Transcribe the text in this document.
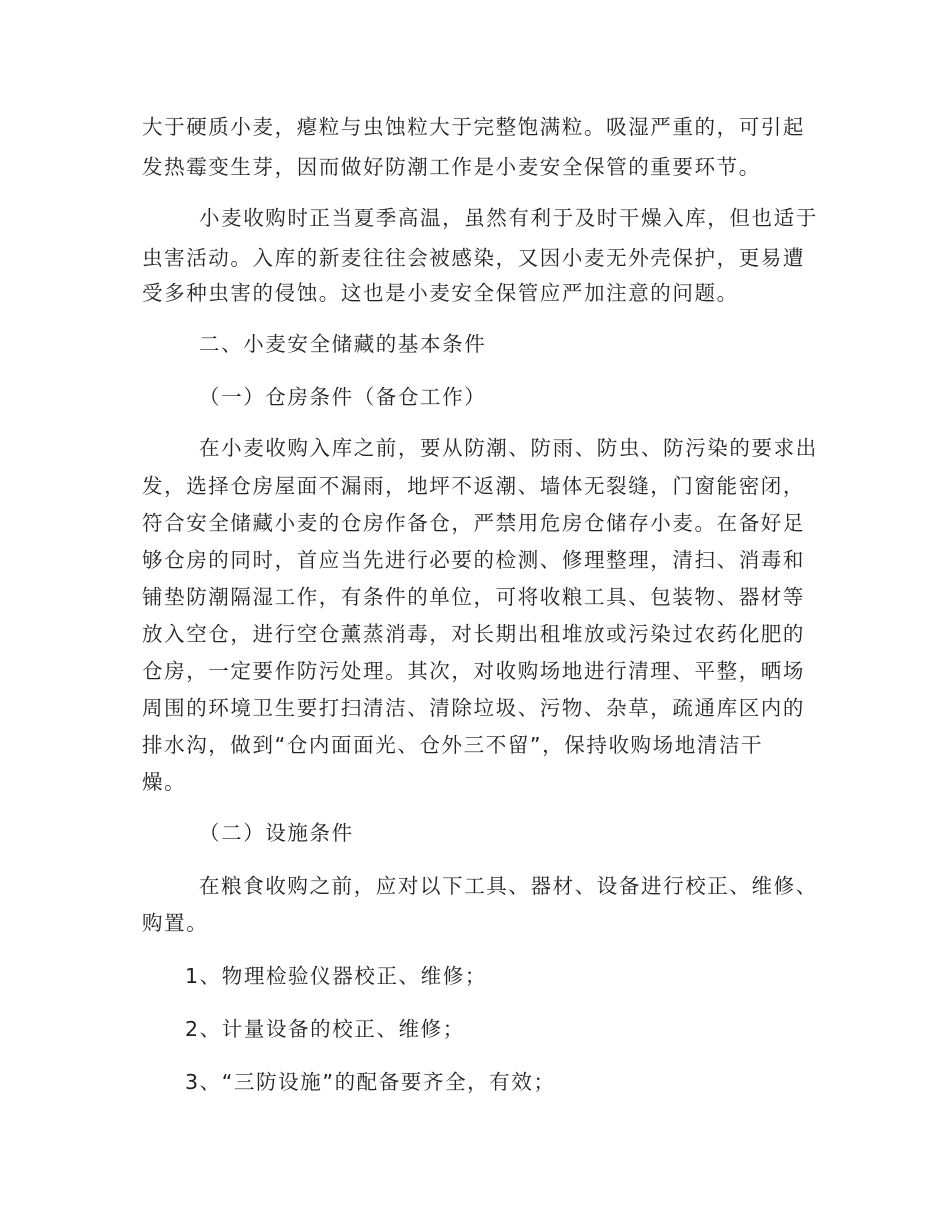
大于硬质小麦，瘪粒与虫蚀粒大于完整饱满粒。吸湿严重的，可引起
发热霉变生芽，因而做好防潮工作是小麦安全保管的重要环节。
小麦收购时正当夏季高温，虽然有利于及时干燥入库，但也适于
虫害活动。入库的新麦往往会被感染，又因小麦无外壳保护，更易遭
受多种虫害的侵蚀。这也是小麦安全保管应严加注意的问题。
二、小麦安全储藏的基本条件
（一）仓房条件（备仓工作）
在小麦收购入库之前，要从防潮、防雨、防虫、防污染的要求出
发，选择仓房屋面不漏雨，地坪不返潮、墙体无裂缝，门窗能密闭，
符合安全储藏小麦的仓房作备仓，严禁用危房仓储存小麦。在备好足
够仓房的同时，首应当先进行必要的检测、修理整理，清扫、消毒和
铺垫防潮隔湿工作，有条件的单位，可将收粮工具、包装物、器材等
放入空仓，进行空仓薰蒸消毒，对长期出租堆放或污染过农药化肥的
仓房，一定要作防污处理。其次，对收购场地进行清理、平整，晒场
周围的环境卫生要打扫清洁、清除垃圾、污物、杂草，疏通库区内的
排水沟，做到“仓内面面光、仓外三不留”，保持收购场地清洁干
燥。
（二）设施条件
在粮食收购之前，应对以下工具、器材、设备进行校正、维修、
购置。
1、物理检验仪器校正、维修；
2、计量设备的校正、维修；
3、“三防设施”的配备要齐全，有效；
